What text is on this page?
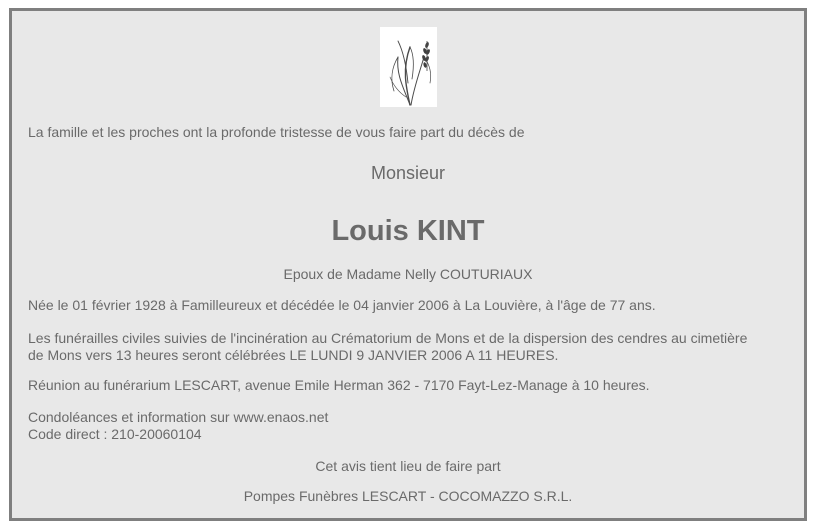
La famille et les proches ont la profonde tristesse de vous faire part du décès de
Monsieur
Louis KINT
Epoux de Madame Nelly COUTURIAUX
Née le 01 février 1928 à Familleureux et décédée le 04 janvier 2006 à La Louvière, à l'âge de 77 ans.
Les funérailles civiles suivies de l'incinération au Crématorium de Mons et de la dispersion des cendres au cimetière
de Mons vers 13 heures seront célébrées LE LUNDI 9 JANVIER 2006 A 11 HEURES.
Réunion au funérarium LESCART, avenue Emile Herman 362 - 7170 Fayt-Lez-Manage à 10 heures.
Condoléances et information sur www.enaos.net
Code direct : 210-20060104
Cet avis tient lieu de faire part
Pompes Funèbres LESCART - COCOMAZZO S.R.L.
